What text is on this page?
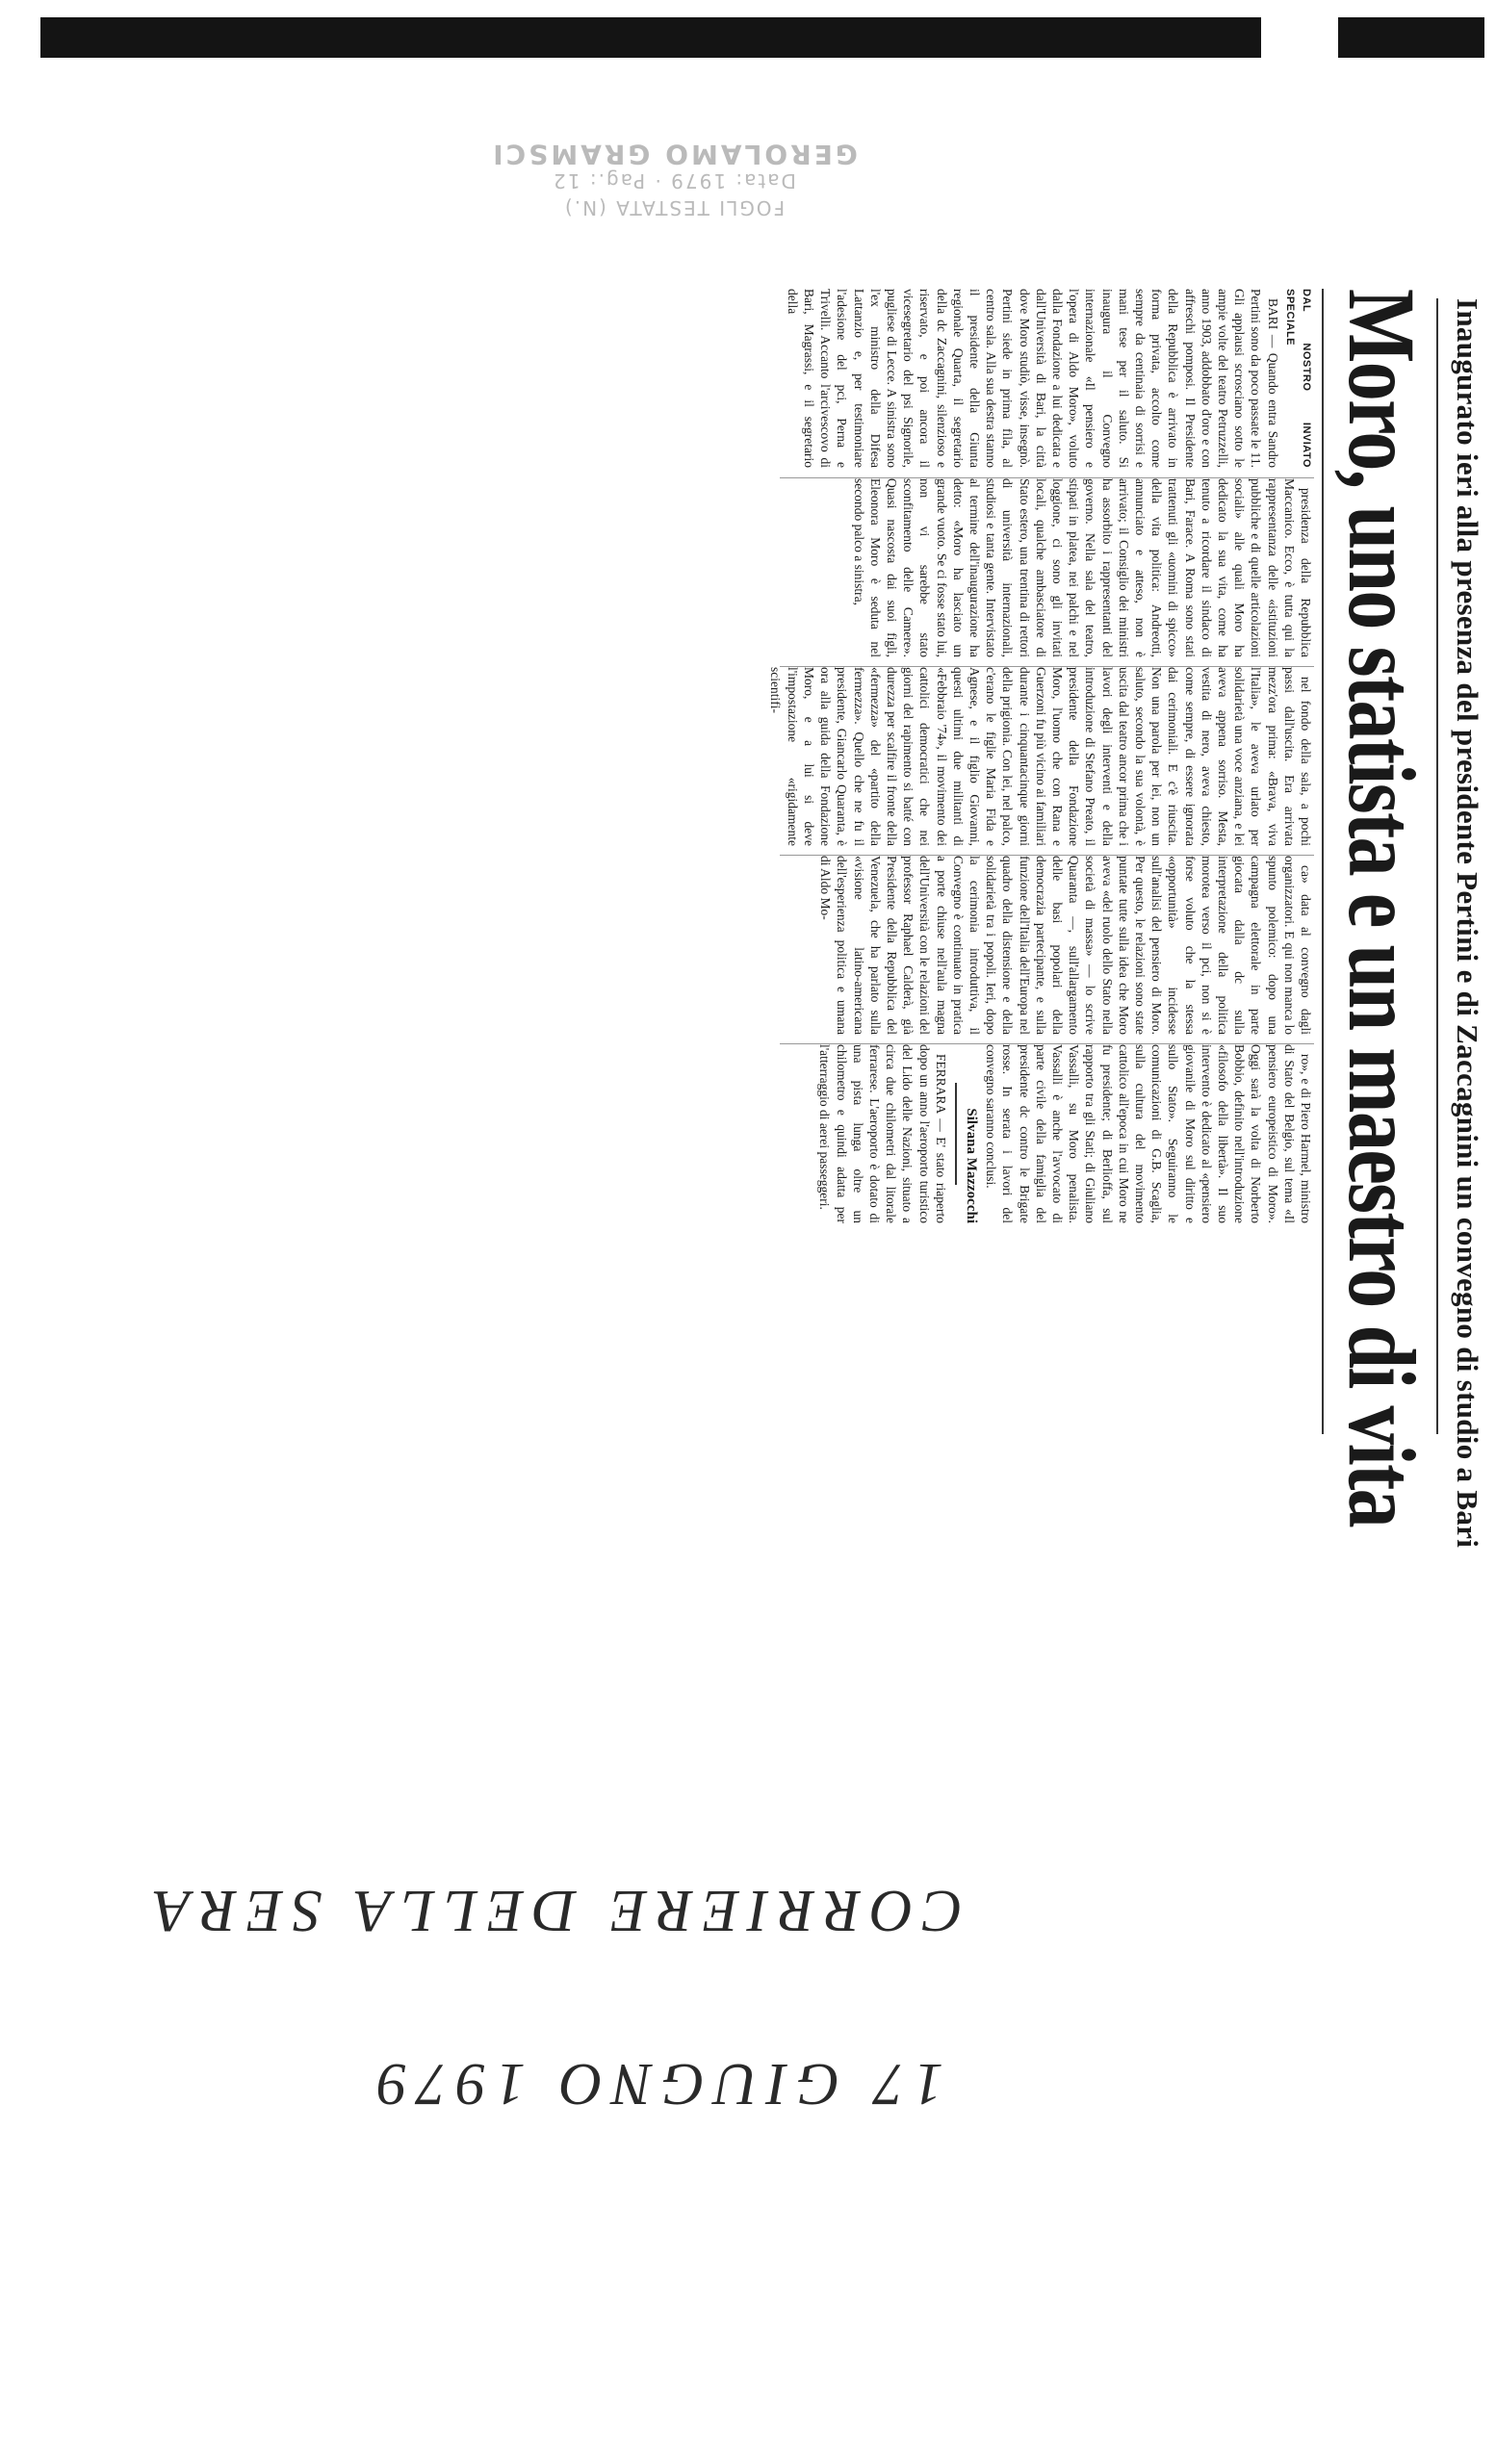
FOGLI TESTATA (N.)
Data: 1979 · Pag.: 12
GEROLAMO GRAMSCI
Inaugurato ieri alla presenza del presidente Pertini e di Zaccagnini un convegno di studio a Bari
Moro, uno statista e un maestro di vita
DAL NOSTRO INVIATO SPECIALE

BARI — Quando entra Sandro Pertini sono da poco passate le 11. Gli applausi scrosciano sotto le ampie volte del teatro Petruzzelli, anno 1903, addobbato d'oro e con affreschi pomposi. Il Presidente della Repubblica è arrivato in forma privata, accolto come sempre da centinaia di sorrisi e mani tese per il saluto. Si inaugura il Convegno internazionale «Il pensiero e l'opera di Aldo Moro», voluto dalla Fondazione a lui dedicata e dall'Università di Bari, la città dove Moro studiò, visse, insegnò. Pertini siede in prima fila, al centro sala. Alla sua destra stanno il presidente della Giunta regionale Quarta, il segretario della dc Zaccagnini, silenzioso e riservato, e poi ancora il vicesegretario del psi Signorile, pugliese di Lecce. A sinistra sono l'ex ministro della Difesa Lattanzio e, per testimoniare l'adesione del pci, Perna e Trivelli. Accanto l'arcivescovo di Bari, Magrassi, e il segretario della

presidenza della Repubblica Maccanico. Ecco, è tutta qui la rappresentanza delle «istituzioni pubbliche e di quelle articolazioni sociali» alle quali Moro ha dedicato la sua vita, come ha tenuto a ricordare il sindaco di Bari, Farace. A Roma sono stati trattenuti gli «uomini di spicco» della vita politica: Andreotti, annunciato e atteso, non è arrivato; il Consiglio dei ministri ha assorbito i rappresentanti del governo. Nella sala del teatro, stipati in platea, nei palchi e nel loggione, ci sono gli invitati locali, qualche ambasciatore di Stato estero, una trentina di rettori di università internazionali, studiosi e tanta gente. Intervistato al termine dell'inaugurazione ha detto: «Moro ha lasciato un grande vuoto. Se ci fosse stato lui, non vi sarebbe stato sconfitamento delle Camere». Quasi nascosta dai suoi figli, Eleonora Moro è seduta nel secondo palco a sinistra,

nel fondo della sala, a pochi passi dall'uscita. Era arrivata mezz'ora prima: «Brava, viva l'Italia», le aveva urlato per solidarietà una voce anziana, e lei aveva appena sorriso. Mesta, vestita di nero, aveva chiesto, come sempre, di essere ignorata dai cerimoniali. E c'è riuscita. Non una parola per lei, non un saluto, secondo la sua volontà, è uscita dal teatro ancor prima che i lavori degli interventi e della introduzione di Stefano Preato, il presidente della Fondazione Moro, l'uomo che con Rana e Guerzoni fu più vicino ai familiari durante i cinquantacinque giorni della prigionia. Con lei, nel palco, c'erano le figlie Maria Fida e Agnese, e il figlio Giovanni, questi ultimi due militanti di «Febbraio '74», il movimento dei cattolici democratici che nei giorni del rapimento si batté con durezza per scalfire il fronte della «fermezza» del «partito della fermezza». Quello che ne fu il presidente, Giancarlo Quaranta, è ora alla guida della Fondazione Moro, e a lui si deve l'impostazione «rigidamente scientifi-

ca» data al convegno dagli organizzatori. E qui non manca lo spunto polemico: dopo una campagna elettorale in parte giocata dalla dc sulla interpretazione della politica morotea verso il pci, non si è forse voluto che la stessa «opportunità» incidesse sull'analisi del pensiero di Moro. Per questo, le relazioni sono state puntate tutte sulla idea che Moro aveva «del ruolo dello Stato nella società di massa» — lo scrive Quaranta —, sull'allargamento delle basi popolari della democrazia partecipante, e sulla funzione dell'Italia dell'Europa nel quadro della distensione e della solidarietà tra i popoli. Ieri, dopo la cerimonia introduttiva, il Convegno è continuato in pratica a porte chiuse nell'aula magna dell'Università con le relazioni del professor Raphael Calderà, già Presidente della Repubblica del Venezuela, che ha parlato sulla «visione latino-americana dell'esperienza politica e umana di Aldo Mo-

ro», e di Piero Harmel, ministro di Stato del Belgio, sul tema «Il pensiero europeistico di Moro». Oggi sarà la volta di Norberto Bobbio, definito nell'introduzione «filosofo della libertà». Il suo intervento è dedicato al «pensiero giovanile di Moro sul diritto e sullo Stato». Seguiranno le comunicazioni di G.B. Scaglia, sulla cultura del movimento cattolico all'epoca in cui Moro ne fu presidente; di Berlioffa, sul rapporto tra gli Stati; di Giuliano Vassalli, su Moro penalista. Vassalli è anche l'avvocato di parte civile della famiglia del presidente dc contro le Brigate rosse. In serata i lavori del convegno saranno conclusi.

Silvana Mazzocchi

FERRARA — E' stato riaperto dopo un anno l'aeroporto turistico del Lido delle Nazioni, situato a circa due chilometri dal litorale ferrarese. L'aeroporto è dotato di una pista lunga oltre un chilometro e quindi adatta per l'atterraggio di aerei passeggeri.

CORRIERE DELLA SERA
17 GIUGNO 1979
